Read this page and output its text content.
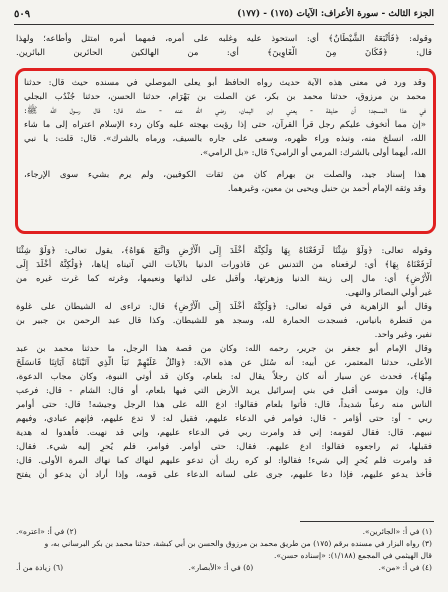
الجزء الثالث - سورة الأعراف: الآيات (١٧٥) - (١٧٧)
٥٠٩
وقوله: ﴿فَأَتْبَعَهُ الشَّيْطَانُ﴾ أي: استحوذ عليه وغلبه على أمره، فمهما أمره امتثل وأطاعه؛ ولهذا
قال: ﴿فَكَانَ مِنَ الْغَاوِينَ﴾ أي: من الهالكين الحائرين البائرين.
وقد ورد في معنى هذه الآية حديث رواه الحافظ أبو يعلى الموصلي في مسنده حيث قال: حدثنا
محمد بن مرزوق، حدثنا محمد بن بكر، عن الصلت بن بَهْرَام، حدثنا الحسن، حدثنا جُنْدُب البجلي
في هذا المسجد؛ أن حذيفة - يعني ابن اليمان، رضي الله عنه - حدثه قال: قال رسول الله ﷺ:
«إن مما أتخوف عليكم رجل قرأ القرآن، حتى إذا رؤيت بهجته عليه وكان ردء الإسلام اعتراه إلى ما شاء
الله، انسلخ منه، ونبذه وراء ظهره، وسعى على جاره بالسيف، ورماه بالشرك». قال: قلت: يا نبي
الله، أيهما أولى بالشرك: المرمي أو الرامي؟ قال: «بل الرامي».
هذا إسناد جيد، والصلت بن بهرام كان من ثقات الكوفيين، ولم يرم بشيء سوى الإرجاء،
وقد وثقه الإمام أحمد بن حنبل ويحيى بن معين، وغيرهما.
وقوله تعالى: ﴿وَلَوْ شِئْنَا لَرَفَعْنَاهُ بِهَا وَلَٰكِنَّهُ أَخْلَدَ إِلَى الْأَرْضِ وَاتَّبَعَ هَوَاهُ﴾، يقول تعالى: ﴿وَلَوْ شِئْنَا
لَرَفَعْنَاهُ بِهَا﴾ أي: لرفعناه من التدنس عن قاذورات الدنيا بالآيات التي آتيناه إياها، ﴿وَلَٰكِنَّهُ أَخْلَدَ إِلَى
الْأَرْضِ﴾ أي: مال إلى زينة الدنيا وزهرتها، وأقبل على لذاتها ونعيمها، وغرته كما غرت غيره من
غير أولي البصائر والنهى.
وقال أبو الزاهرية في قوله تعالى: ﴿وَلَٰكِنَّهُ أَخْلَدَ إِلَى الْأَرْضِ﴾ قال: تراءى له الشيطان على غلوة
من قنطرة بانياس، فسجدت الحمارة لله، وسجد هو للشيطان. وكذا قال عبد الرحمن بن جبير بن
نفير، وغير واحد.
وقال الإمام أبو جعفر بن جرير، رحمه الله: وكان من قصة هذا الرجل، ما حدثنا محمد بن عبد
الأعلى، حدثنا المعتمر، عن أبيه: أنه سُئل عن هذه الآية: ﴿وَاتْلُ عَلَيْهِمْ نَبَأَ الَّذِي آتَيْنَاهُ آيَاتِنَا فَانسَلَخَ
مِنْهَا﴾، فحدث عن سيار أنه كان رجلاً يقال له: بلعام، وكان قد أوتي النبوة، وكان مجاب الدعوة،
قال: وإن موسى أقبل في بني إسرائيل يريد الأرض التي فيها بلعام، أو قال: الشام - قال: فرعب
الناس منه رعباً شديداً، قال: فأتوا بلعام فقالوا: ادع الله على هذا الرجل وجيشه! قال: حتى أوامر
ربي - أو: حتى أؤامر - قال: فوامر في الدعاء عليهم، فقيل له: لا تدع عليهم، فإنهم عبادي، وفيهم
نبيهم. قال: فقال لقومه: إني قد وامرت ربي في الدعاء عليهم، وإني قد نهيت. فأهدوا له هدية
فقبلها، ثم راجعوه فقالوا: ادع عليهم. فقال: حتى أوامر. فوامر، فلم يُحرِ إليه شيء. فقال:
قد وامرت فلم يُحرِ إلي شيء! فقالوا: لو كره ربك أن تدعو عليهم لنهاك كما نهاك المرة الأولى. قال:
فأخذ يدعو عليهم، فإذا دعا عليهم، جرى على لسانه الدعاء على قومه، وإذا أراد أن يدعو أن يفتح
(١) في أ: «الجائرين».
(٢) في أ: «اعتره».
(٣) رواه البزار في مسنده برقم (١٧٥) من طريق محمد بن مرزوق والحسن بن أبي كبشة، حدثنا محمد بن بكر البرساني به، و
قال الهيثمي في المجمع (١/١٨٨): «إسناده حسن».
(٤) في أ: «من».
(٥) في أ: «الأبصار».
(٦) زيادة من أ.
